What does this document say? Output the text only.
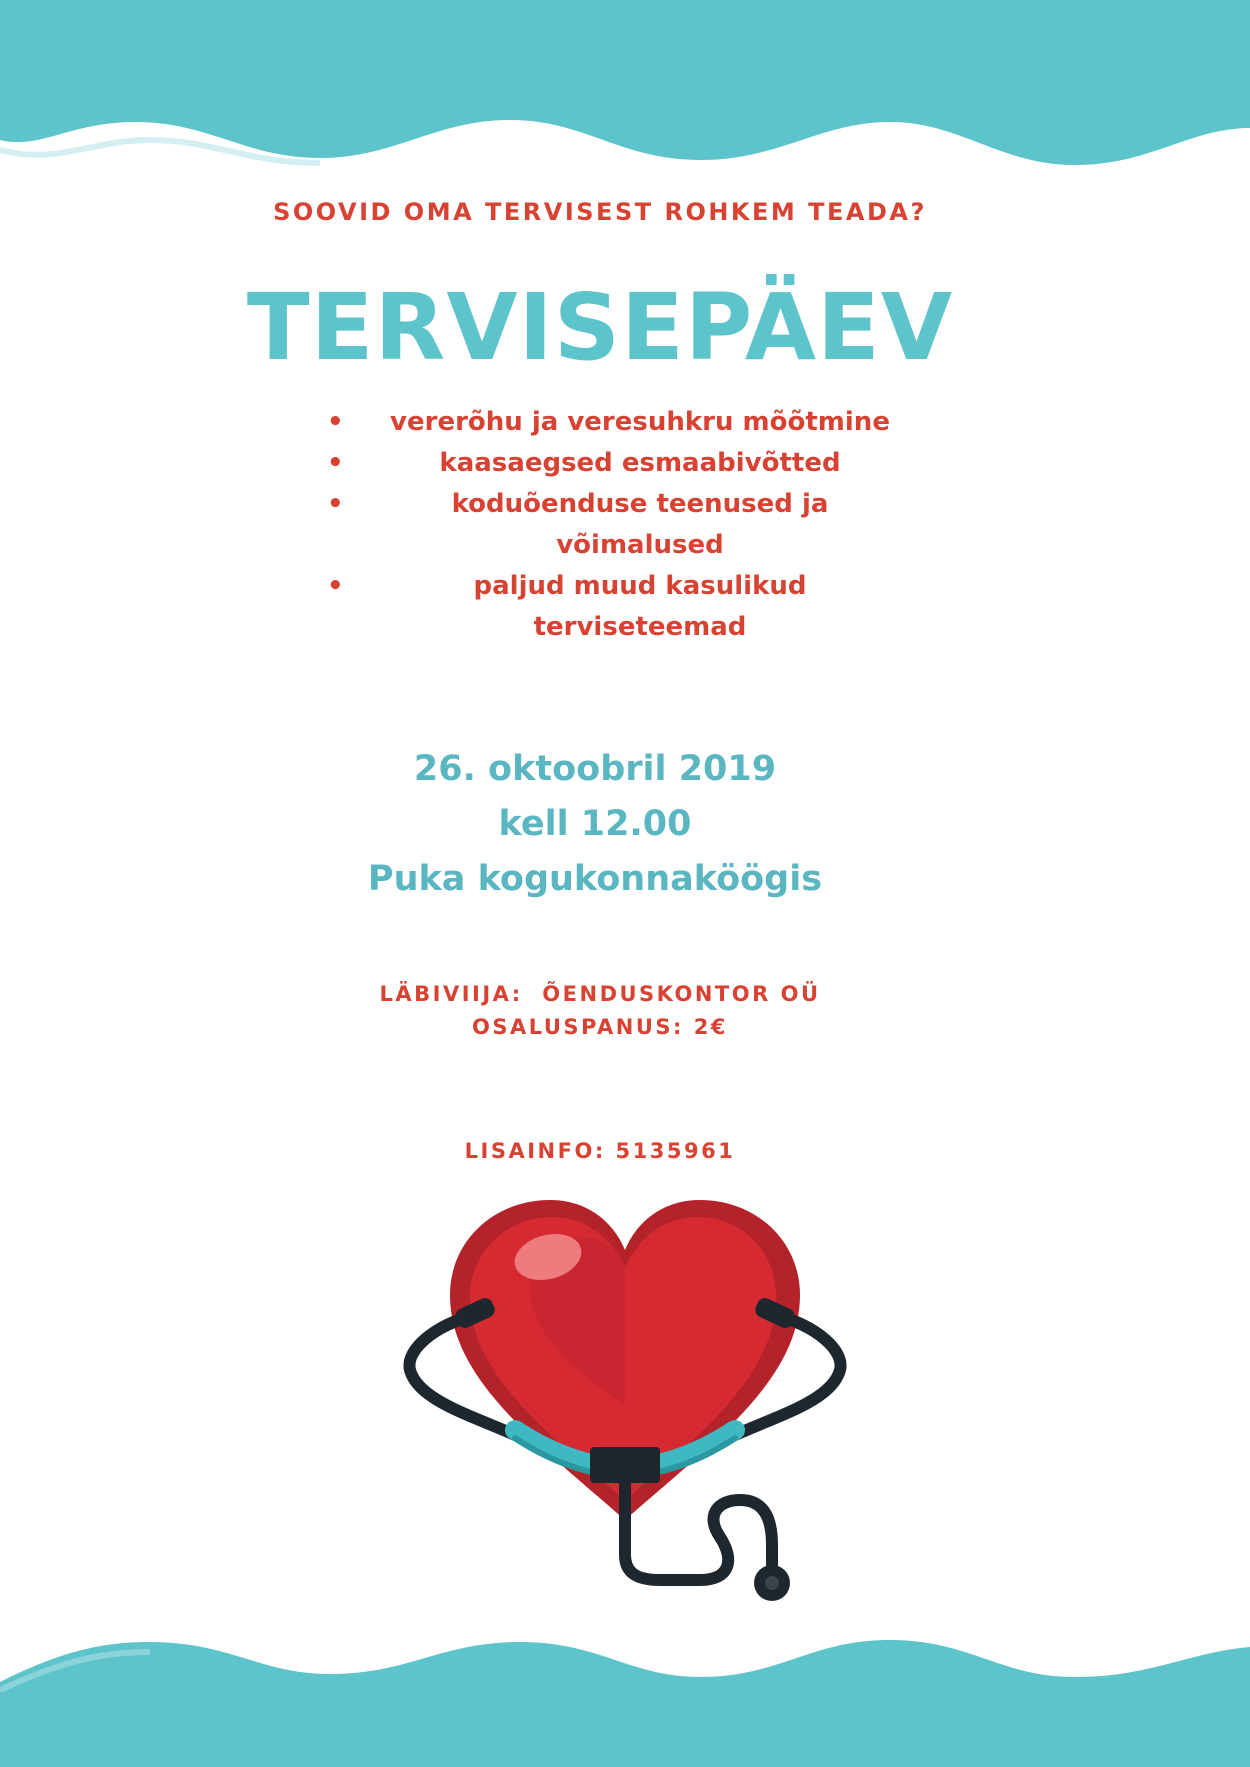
SOOVID OMA TERVISEST ROHKEM TEADA?
TERVISEPÄEV
• vererõhu ja veresuhkru mõõtmine
•	kaasaegsed esmaabivõtted
•	koduõenduse teenused ja võimalused
•	paljud muud kasulikud terviseteemad
26. oktoobril 2019
kell 12.00
Puka kogukonnaköögis
LÄBIVIIJA:  ÕENDUSKONTOR OÜ
OSALUSPANUS: 2€
LISAINFO: 5135961
